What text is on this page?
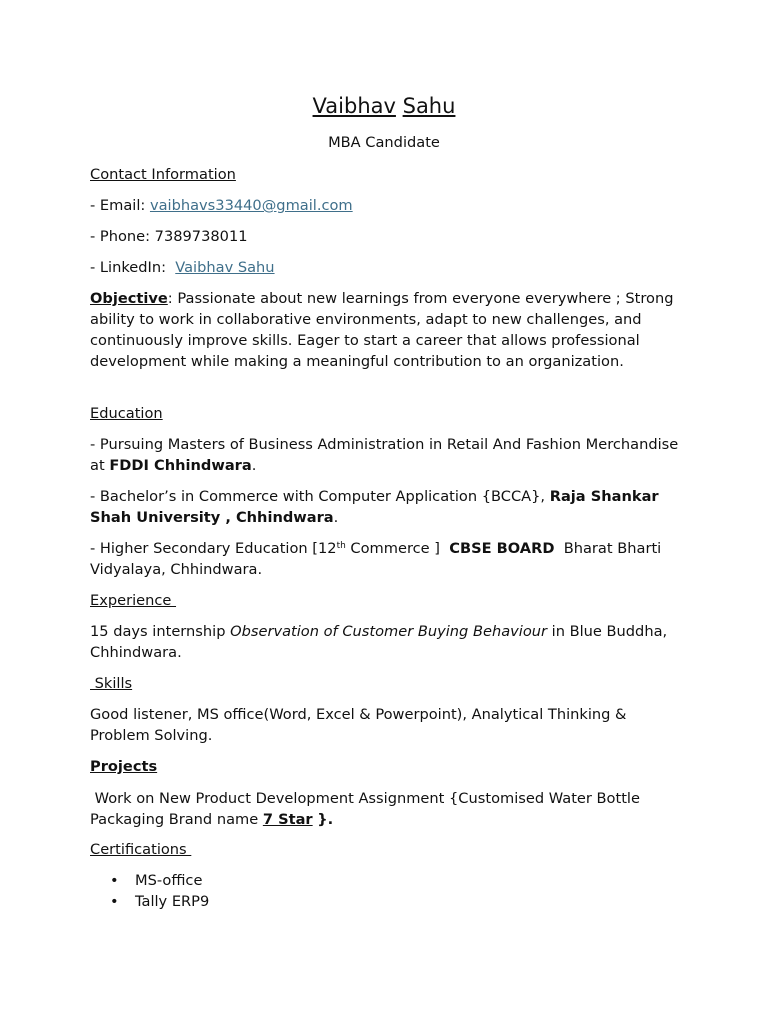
Vaibhav Sahu
MBA Candidate
Contact Information
- Email: vaibhavs33440@gmail.com
- Phone: 7389738011
- LinkedIn:  Vaibhav Sahu
Objective: Passionate about new learnings from everyone everywhere ; Strong ability to work in collaborative environments, adapt to new challenges, and continuously improve skills. Eager to start a career that allows professional development while making a meaningful contribution to an organization.
Education
- Pursuing Masters of Business Administration in Retail And Fashion Merchandise at FDDI Chhindwara.
- Bachelor’s in Commerce with Computer Application {BCCA}, Raja Shankar Shah University , Chhindwara.
- Higher Secondary Education [12th Commerce ]  CBSE BOARD  Bharat Bharti Vidyalaya, Chhindwara.
Experience
15 days internship Observation of Customer Buying Behaviour in Blue Buddha, Chhindwara.
Skills
Good listener, MS office(Word, Excel & Powerpoint), Analytical Thinking & Problem Solving.
Projects
Work on New Product Development Assignment {Customised Water Bottle Packaging Brand name 7 Star }.
Certifications
• MS-office
• Tally ERP9
